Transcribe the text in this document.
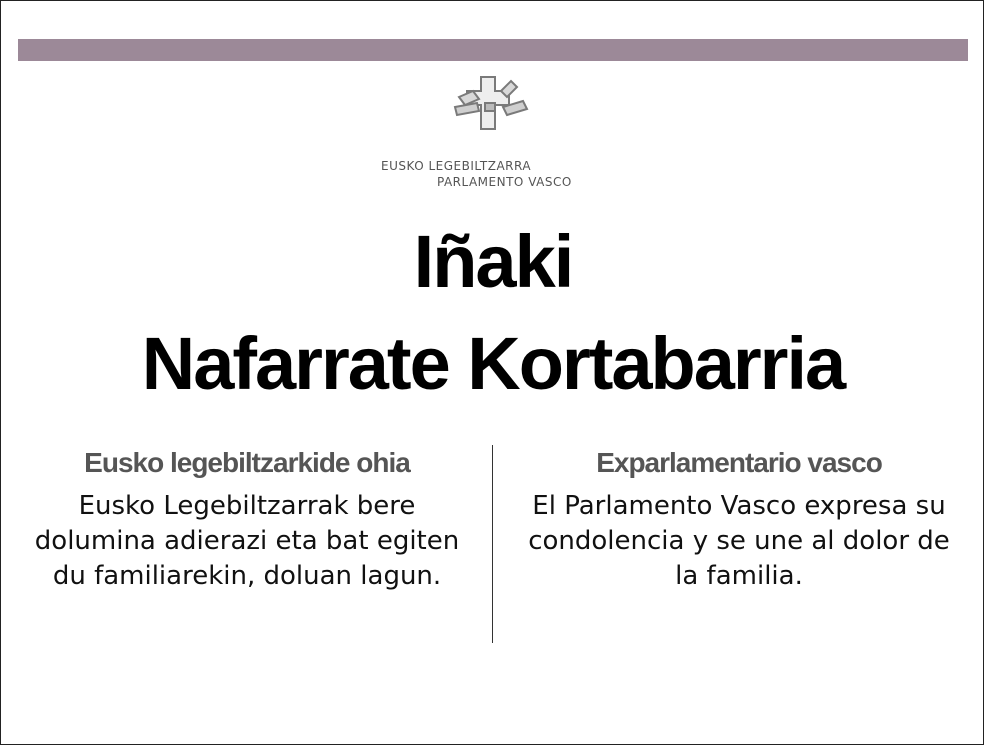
EUSKO LEGEBILTZARRA
PARLAMENTO VASCO
Iñaki
Nafarrate Kortabarria
Eusko legebiltzarkide ohia

Eusko Legebiltzarrak bere dolumina adierazi eta bat egiten du familiarekin, doluan lagun.

Exparlamentario vasco

El Parlamento Vasco expresa su condolencia y se une al dolor de la familia.
